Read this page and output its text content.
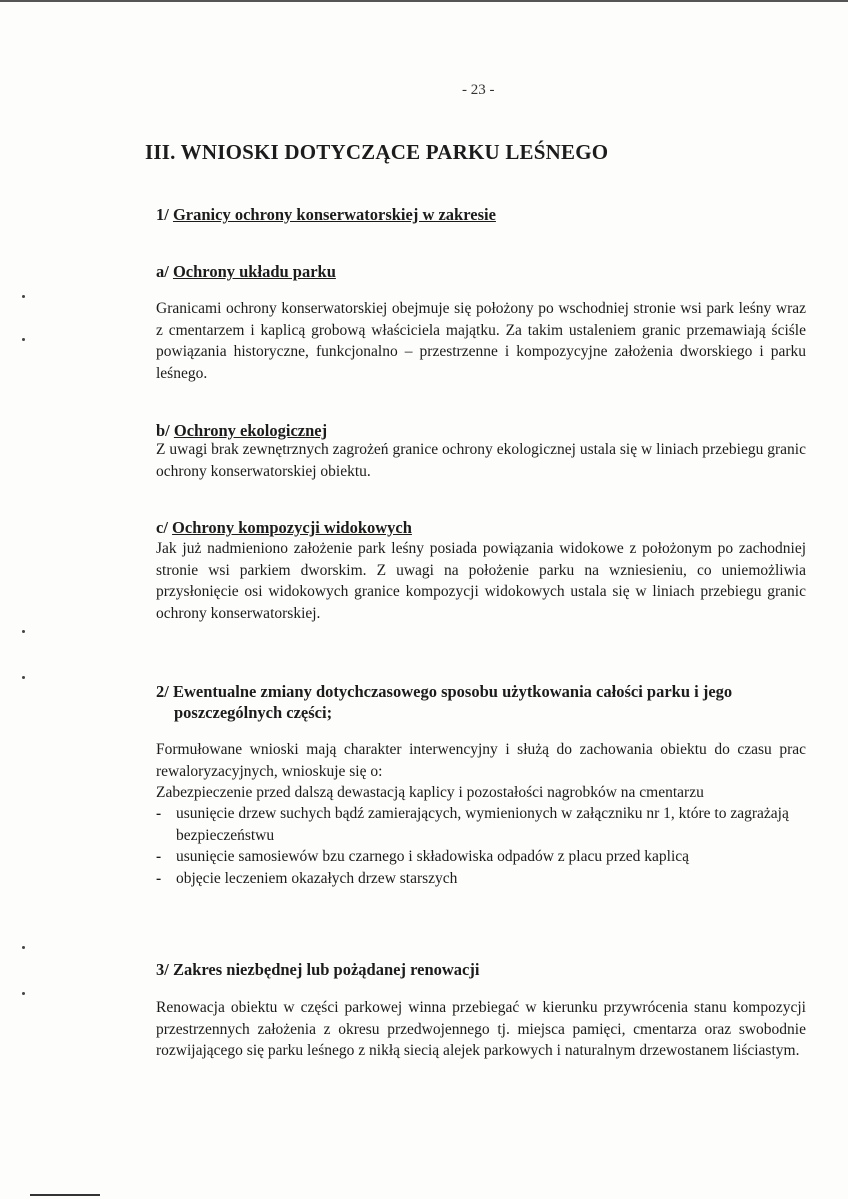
- 23 -
III. WNIOSKI DOTYCZĄCE PARKU LEŚNEGO
1/ Granicy ochrony konserwatorskiej w zakresie
a/ Ochrony układu parku

Granicami ochrony konserwatorskiej obejmuje się położony po wschodniej stronie wsi park leśny wraz z cmentarzem i kaplicą grobową właściciela majątku. Za takim ustaleniem granic przemawiają ściśle powiązania historyczne, funkcjonalno – przestrzenne i kompozycyjne założenia dworskiego i parku leśnego.

b/ Ochrony ekologicznej

Z uwagi brak zewnętrznych zagrożeń granice ochrony ekologicznej ustala się w liniach przebiegu granic ochrony konserwatorskiej obiektu.

c/ Ochrony kompozycji widokowych

Jak już nadmieniono założenie park leśny posiada powiązania widokowe z położonym po zachodniej stronie wsi parkiem dworskim. Z uwagi na położenie parku na wzniesieniu, co uniemożliwia przysłonięcie osi widokowych granice kompozycji widokowych ustala się w liniach przebiegu granic ochrony konserwatorskiej.

2/ Ewentualne zmiany dotychczasowego sposobu użytkowania całości parku i jego
poszczególnych części;

Formułowane wnioski mają charakter interwencyjny i służą do zachowania obiektu do czasu prac rewaloryzacyjnych, wnioskuje się o:

Zabezpieczenie przed dalszą dewastacją kaplicy i pozostałości nagrobków na cmentarzu

- usunięcie drzew suchych bądź zamierających, wymienionych w załączniku nr 1, które to zagrażają bezpieczeństwu
- usunięcie samosiewów bzu czarnego i składowiska odpadów z placu przed kaplicą
- objęcie leczeniem okazałych drzew starszych
3/ Zakres niezbędnej lub pożądanej renowacji

Renowacja obiektu w części parkowej winna przebiegać w kierunku przywrócenia stanu kompozycji przestrzennych założenia z okresu przedwojennego tj. miejsca pamięci, cmentarza oraz swobodnie rozwijającego się parku leśnego z nikłą siecią alejek parkowych i naturalnym drzewostanem liściastym.
